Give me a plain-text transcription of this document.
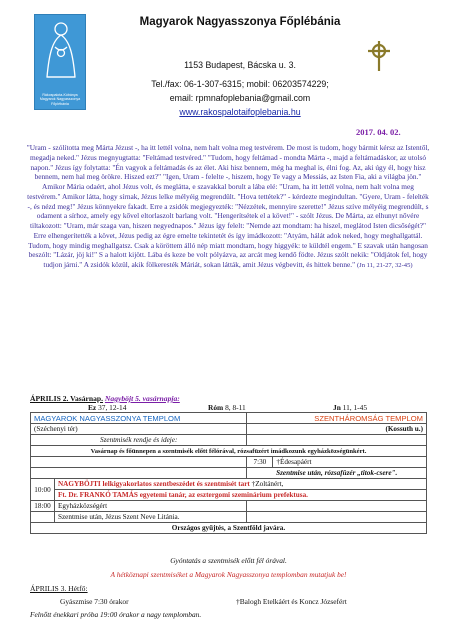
Rákospalota-Kóbánya Magyarok Nagyasszonya Főplébánia
Magyarok Nagyasszonya Főplébánia
1153 Budapest, Bácska u. 3.
Tel./fax: 06-1-307-6315; mobil: 06203574229;
email: rpmnafoplebania@gmail.com
www.rakospalotaifoplebania.hu
2017. 04. 02.
"Uram - szólította meg Márta Jézust -, ha itt lettél volna, nem halt volna meg testvérem. De most is tudom, hogy bármit kérsz az Istentől, megadja neked." Jézus megnyugtatta: "Feltámad testvéred." "Tudom, hogy feltámad - mondta Márta -, majd a feltámadáskor, az utolsó napon." Jézus így folytatta: "Én vagyok a feltámadás és az élet. Aki hisz bennem, még ha meghal is, élni fog. Az, aki úgy él, hogy hisz bennem, nem hal meg örökre. Hiszed ezt?" "Igen, Uram - felelte -, hiszem, hogy Te vagy a Messiás, az Isten Fia, aki a világba jön." Amikor Mária odaért, ahol Jézus volt, és meglátta, e szavakkal borult a lába elé: "Uram, ha itt lettél volna, nem halt volna meg testvérem." Amikor látta, hogy sírnak, Jézus lelke mélyéig megrendült. "Hova tettétek?" - kérdezte megindultan. "Gyere, Uram - felelték -, és nézd meg!" Jézus könnyekre fakadt. Erre a zsidók megjegyezték: "Nézzétek, mennyire szerette!" Jézus szíve mélyéig megrendült, s odament a sírhoz, amely egy kővel eltorlaszolt barlang volt. "Hengerítsétek el a követ!" - szólt Jézus. De Márta, az elhunyt nővére tiltakozott: "Uram, már szaga van, hiszen negyednapos." Jézus így felelt: "Nemde azt mondtam: ha hiszel, meglátod Isten dicsőségét?" Erre elhengerítették a követ, Jézus pedig az égre emelte tekintetét és így imádkozott: "Atyám, hálát adok neked, hogy meghallgattál. Tudom, hogy mindig meghallgatsz. Csak a köröttem álló nép miatt mondtam, hogy higgyék: te küldtél engem." E szavak után hangosan beszólt: "Lázár, jöj ki!" S a halott kijött. Lába és keze be volt pólyázva, az arcát meg kendő födte. Jézus szólt nekik: "Oldjátok fel, hogy tudjon járni." A zsidók közül, akik fölkeresték Máriát, sokan látták, amit Jézus végbevitt, és hittek benne." (Jn 11, 21-27, 32-45)
ÁPRILIS 2. Vasárnap. Nagyböjt 5. vasárnapja:
Ez 37, 12-14	Róm 8, 8-11	Jn 11, 1-45
MAGYAROK NAGYASSZONYA TEMPLOM		SZENTHÁROMSÁG TEMPLOM	
(Széchenyi tér)		(Kossuth u.)	
Szentmisék rendje és ideje:			
Vasárnap és főünnepen a szentmisék előtt félórával, rózsafüzért imádkozunk egyházközségünkért.			
		7:30	†Édesapáért
		Szentmise után, rózsafüzér „titok-csere".	
10:00	NAGYBÖJTI lelkigyakorlatos szentbeszédet és szentmisét tart †Zoltánért,		
	Ft. Dr. FRANKÓ TAMÁS egyetemi tanár, az esztergomi szeminárium prefektusa.		
18:00	Egyházközségért		
	Szentmise után, Jézus Szent Neve Litánia.		
Országos gyűjtés, a Szentföld javára.			
Gyóntatás a szentmisék előtt fél órával.
A hétköznapi szentmiséket a Magyarok Nagyasszonya templomban mutatjuk be!
ÁPRILIS 3. Hétfő:
Gyászmise 7:30 órakor	†Balogh Etelkáért és Koncz Józsefért
Felnőtt énekkari próba 19:00 órakor a nagy templomban.
